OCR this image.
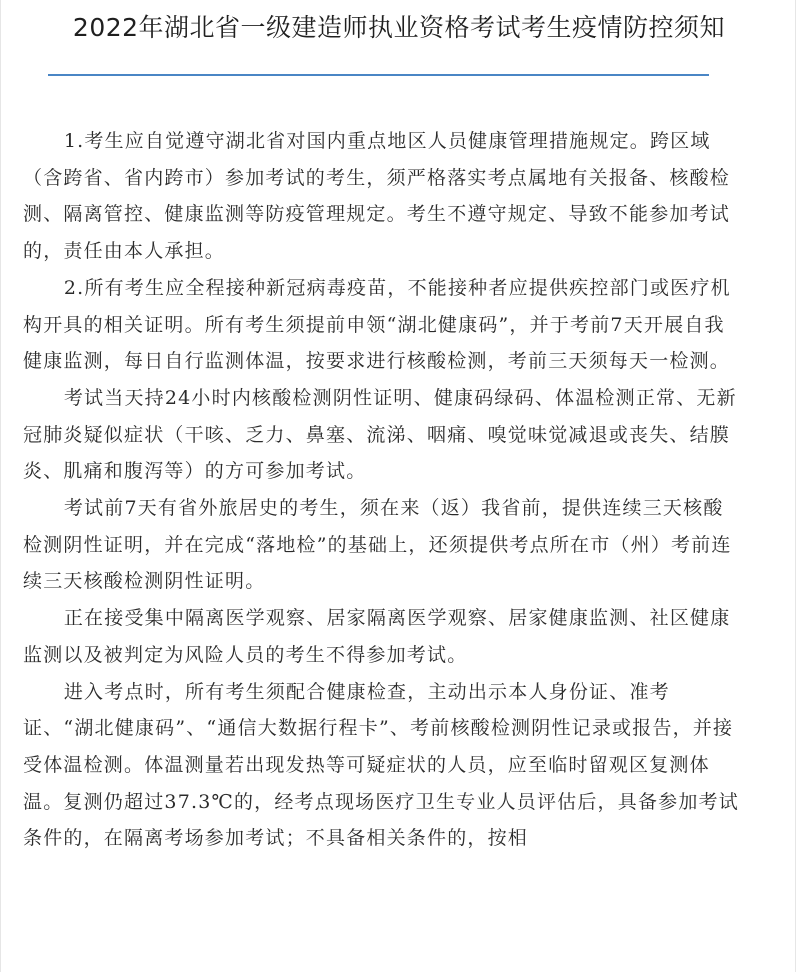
2022年湖北省一级建造师执业资格考试考生疫情防控须知

1.考生应自觉遵守湖北省对国内重点地区人员健康管理措施规定。跨区域（含跨省、省内跨市）参加考试的考生，须严格落实考点属地有关报备、核酸检测、隔离管控、健康监测等防疫管理规定。考生不遵守规定、导致不能参加考试的，责任由本人承担。

2.所有考生应全程接种新冠病毒疫苗，不能接种者应提供疾控部门或医疗机构开具的相关证明。所有考生须提前申领“湖北健康码”，并于考前7天开展自我健康监测，每日自行监测体温，按要求进行核酸检测，考前三天须每天一检测。

考试当天持24小时内核酸检测阴性证明、健康码绿码、体温检测正常、无新冠肺炎疑似症状（干咳、乏力、鼻塞、流涕、咽痛、嗅觉味觉减退或丧失、结膜炎、肌痛和腹泻等）的方可参加考试。

考试前7天有省外旅居史的考生，须在来（返）我省前，提供连续三天核酸检测阴性证明，并在完成“落地检”的基础上，还须提供考点所在市（州）考前连续三天核酸检测阴性证明。

正在接受集中隔离医学观察、居家隔离医学观察、居家健康监测、社区健康监测以及被判定为风险人员的考生不得参加考试。

进入考点时，所有考生须配合健康检查，主动出示本人身份证、准考证、“湖北健康码”、“通信大数据行程卡”、考前核酸检测阴性记录或报告，并接受体温检测。体温测量若出现发热等可疑症状的人员，应至临时留观区复测体温。复测仍超过37.3℃的，经考点现场医疗卫生专业人员评估后，具备参加考试条件的，在隔离考场参加考试；不具备相关条件的，按相
